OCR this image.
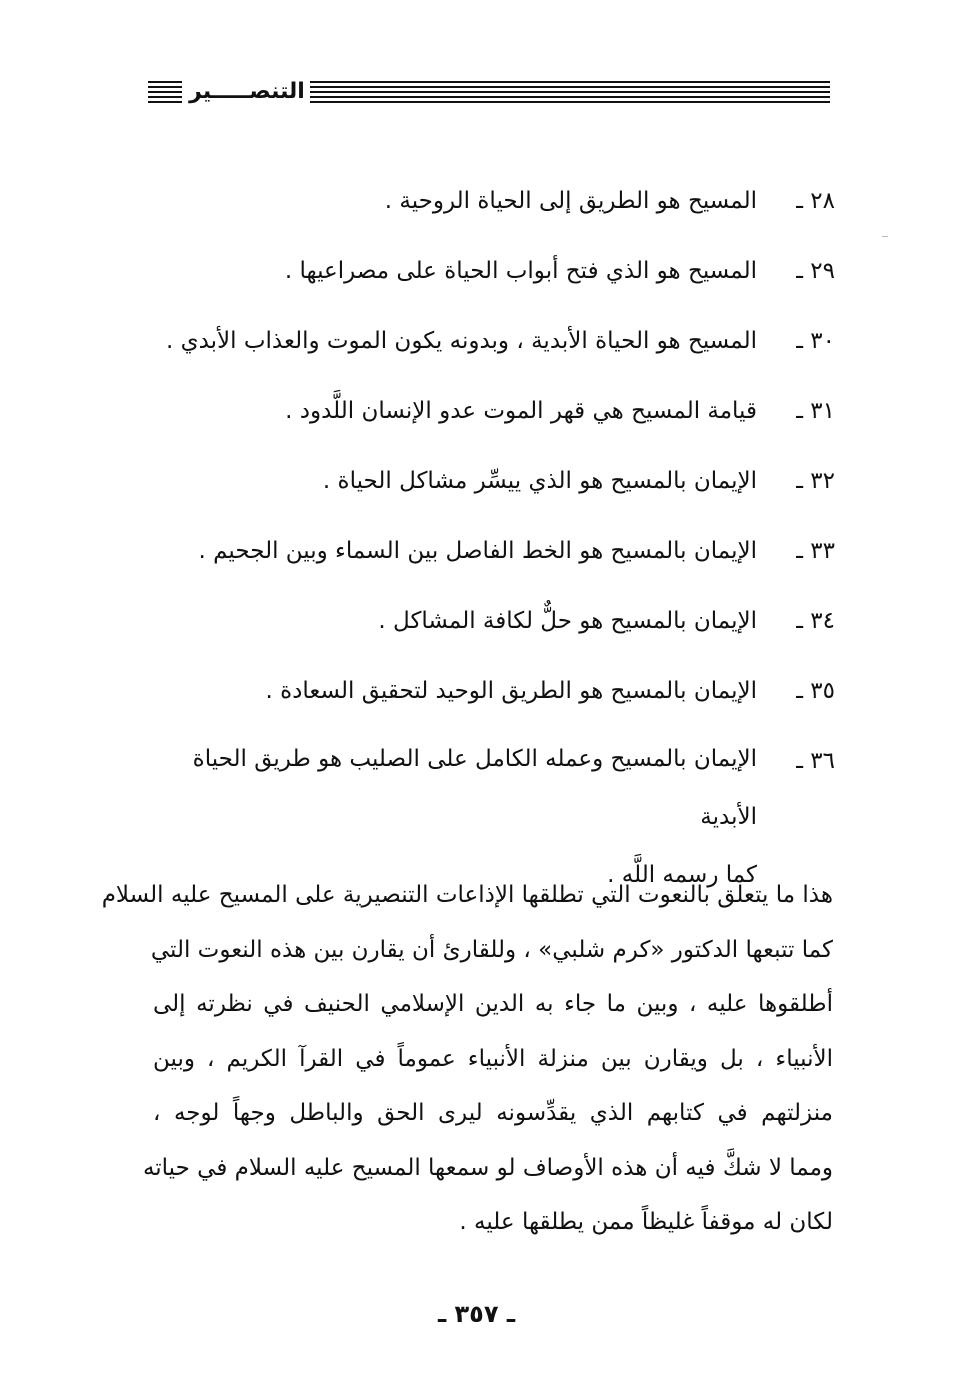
التنصـــــير
٢٨ ـ
المسيح هو الطريق إلى الحياة الروحية .
٢٩ ـ
المسيح هو الذي فتح أبواب الحياة على مصراعيها .
٣٠ ـ
المسيح هو الحياة الأبدية ، وبدونه يكون الموت والعذاب الأبدي .
٣١ ـ
قيامة المسيح هي قهر الموت عدو الإنسان اللَّدود .
٣٢ ـ
الإيمان بالمسيح هو الذي ييسِّر مشاكل الحياة .
٣٣ ـ
الإيمان بالمسيح هو الخط الفاصل بين السماء وبين الجحيم .
٣٤ ـ
الإيمان بالمسيح هو حلٌّ لكافة المشاكل .
٣٥ ـ
الإيمان بالمسيح هو الطريق الوحيد لتحقيق السعادة .
٣٦ ـ
الإيمان بالمسيح وعمله الكامل على الصليب هو طريق الحياة الأبدية
كما رسمه اللَّه .

هذا ما يتعلق بالنعوت التي تطلقها الإذاعات التنصيرية على المسيح عليه السلام
كما تتبعها الدكتور «كرم شلبي» ، وللقارئ أن يقارن بين هذه النعوت التي
أطلقوها عليه ، وبين ما جاء به الدين الإسلامي الحنيف في نظرته إلى
الأنبياء ، بل ويقارن بين منزلة الأنبياء عموماً في القرآ الكريم ، وبين
منزلتهم في كتابهم الذي يقدِّسونه ليرى الحق والباطل وجهاً لوجه ،
ومما لا شكَّ فيه أن هذه الأوصاف لو سمعها المسيح عليه السلام في حياته
لكان له موقفاً غليظاً ممن يطلقها عليه .

ـ ٣٥٧ ـ
